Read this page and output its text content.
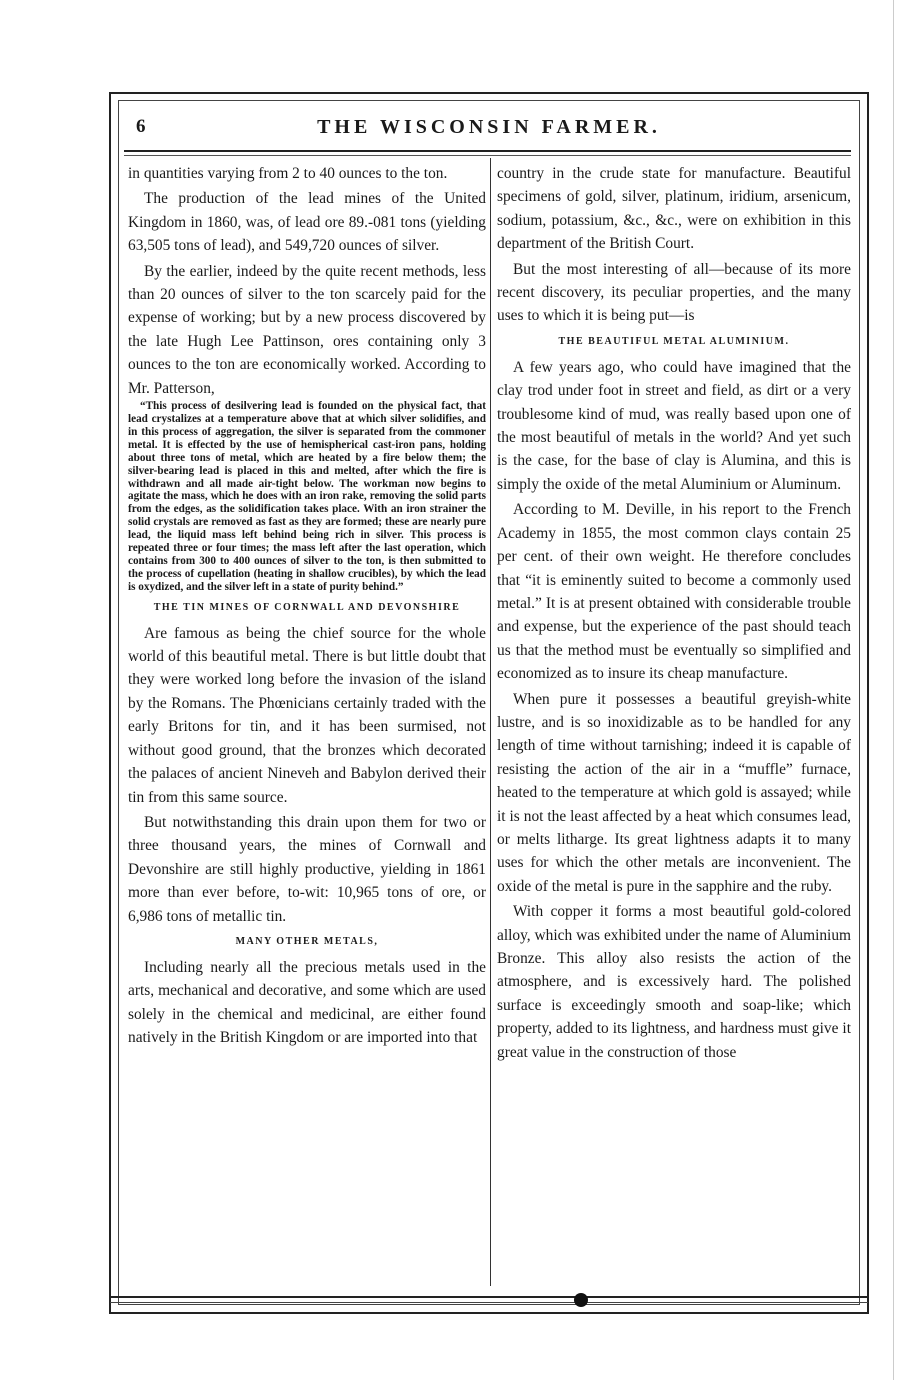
6	THE WISCONSIN FARMER.

in quantities varying from 2 to 40 ounces to the ton.

The production of the lead mines of the United Kingdom in 1860, was, of lead ore 89.-081 tons (yielding 63,505 tons of lead), and 549,720 ounces of silver.

By the earlier, indeed by the quite recent methods, less than 20 ounces of silver to the ton scarcely paid for the expense of working; but by a new process discovered by the late Hugh Lee Pattinson, ores containing only 3 ounces to the ton are economically worked. According to Mr. Patterson,

“This process of desilvering lead is founded on the physical fact, that lead crystalizes at a temperature above that at which silver solidifies, and in this process of aggregation, the silver is separated from the commoner metal. It is effected by the use of hemispherical cast-iron pans, holding about three tons of metal, which are heated by a fire below them; the silver-bearing lead is placed in this and melted, after which the fire is withdrawn and all made air-tight below. The workman now begins to agitate the mass, which he does with an iron rake, removing the solid parts from the edges, as the solidification takes place. With an iron strainer the solid crystals are removed as fast as they are formed; these are nearly pure lead, the liquid mass left behind being rich in silver. This process is repeated three or four times; the mass left after the last operation, which contains from 300 to 400 ounces of silver to the ton, is then submitted to the process of cupellation (heating in shallow crucibles), by which the lead is oxydized, and the silver left in a state of purity behind.”

THE TIN MINES OF CORNWALL AND DEVONSHIRE

Are famous as being the chief source for the whole world of this beautiful metal. There is but little doubt that they were worked long before the invasion of the island by the Romans. The Phœnicians certainly traded with the early Britons for tin, and it has been surmised, not without good ground, that the bronzes which decorated the palaces of ancient Nineveh and Babylon derived their tin from this same source.

But notwithstanding this drain upon them for two or three thousand years, the mines of Cornwall and Devonshire are still highly productive, yielding in 1861 more than ever before, to-wit: 10,965 tons of ore, or 6,986 tons of metallic tin.

MANY OTHER METALS,

Including nearly all the precious metals used in the arts, mechanical and decorative, and some which are used solely in the chemical and medicinal, are either found natively in the British Kingdom or are imported into that

country in the crude state for manufacture. Beautiful specimens of gold, silver, platinum, iridium, arsenicum, sodium, potassium, &c., &c., were on exhibition in this department of the British Court.

But the most interesting of all—because of its more recent discovery, its peculiar properties, and the many uses to which it is being put—is

THE BEAUTIFUL METAL ALUMINIUM.

A few years ago, who could have imagined that the clay trod under foot in street and field, as dirt or a very troublesome kind of mud, was really based upon one of the most beautiful of metals in the world? And yet such is the case, for the base of clay is Alumina, and this is simply the oxide of the metal Aluminium or Aluminum.

According to M. Deville, in his report to the French Academy in 1855, the most common clays contain 25 per cent. of their own weight. He therefore concludes that “it is eminently suited to become a commonly used metal.” It is at present obtained with considerable trouble and expense, but the experience of the past should teach us that the method must be eventually so simplified and economized as to insure its cheap manufacture.

When pure it possesses a beautiful greyish-white lustre, and is so inoxidizable as to be handled for any length of time without tarnishing; indeed it is capable of resisting the action of the air in a “muffle” furnace, heated to the temperature at which gold is assayed; while it is not the least affected by a heat which consumes lead, or melts litharge. Its great lightness adapts it to many uses for which the other metals are inconvenient. The oxide of the metal is pure in the sapphire and the ruby.

With copper it forms a most beautiful gold-colored alloy, which was exhibited under the name of Aluminium Bronze. This alloy also resists the action of the atmosphere, and is excessively hard. The polished surface is exceedingly smooth and soap-like; which property, added to its lightness, and hardness must give it great value in the construction of those
